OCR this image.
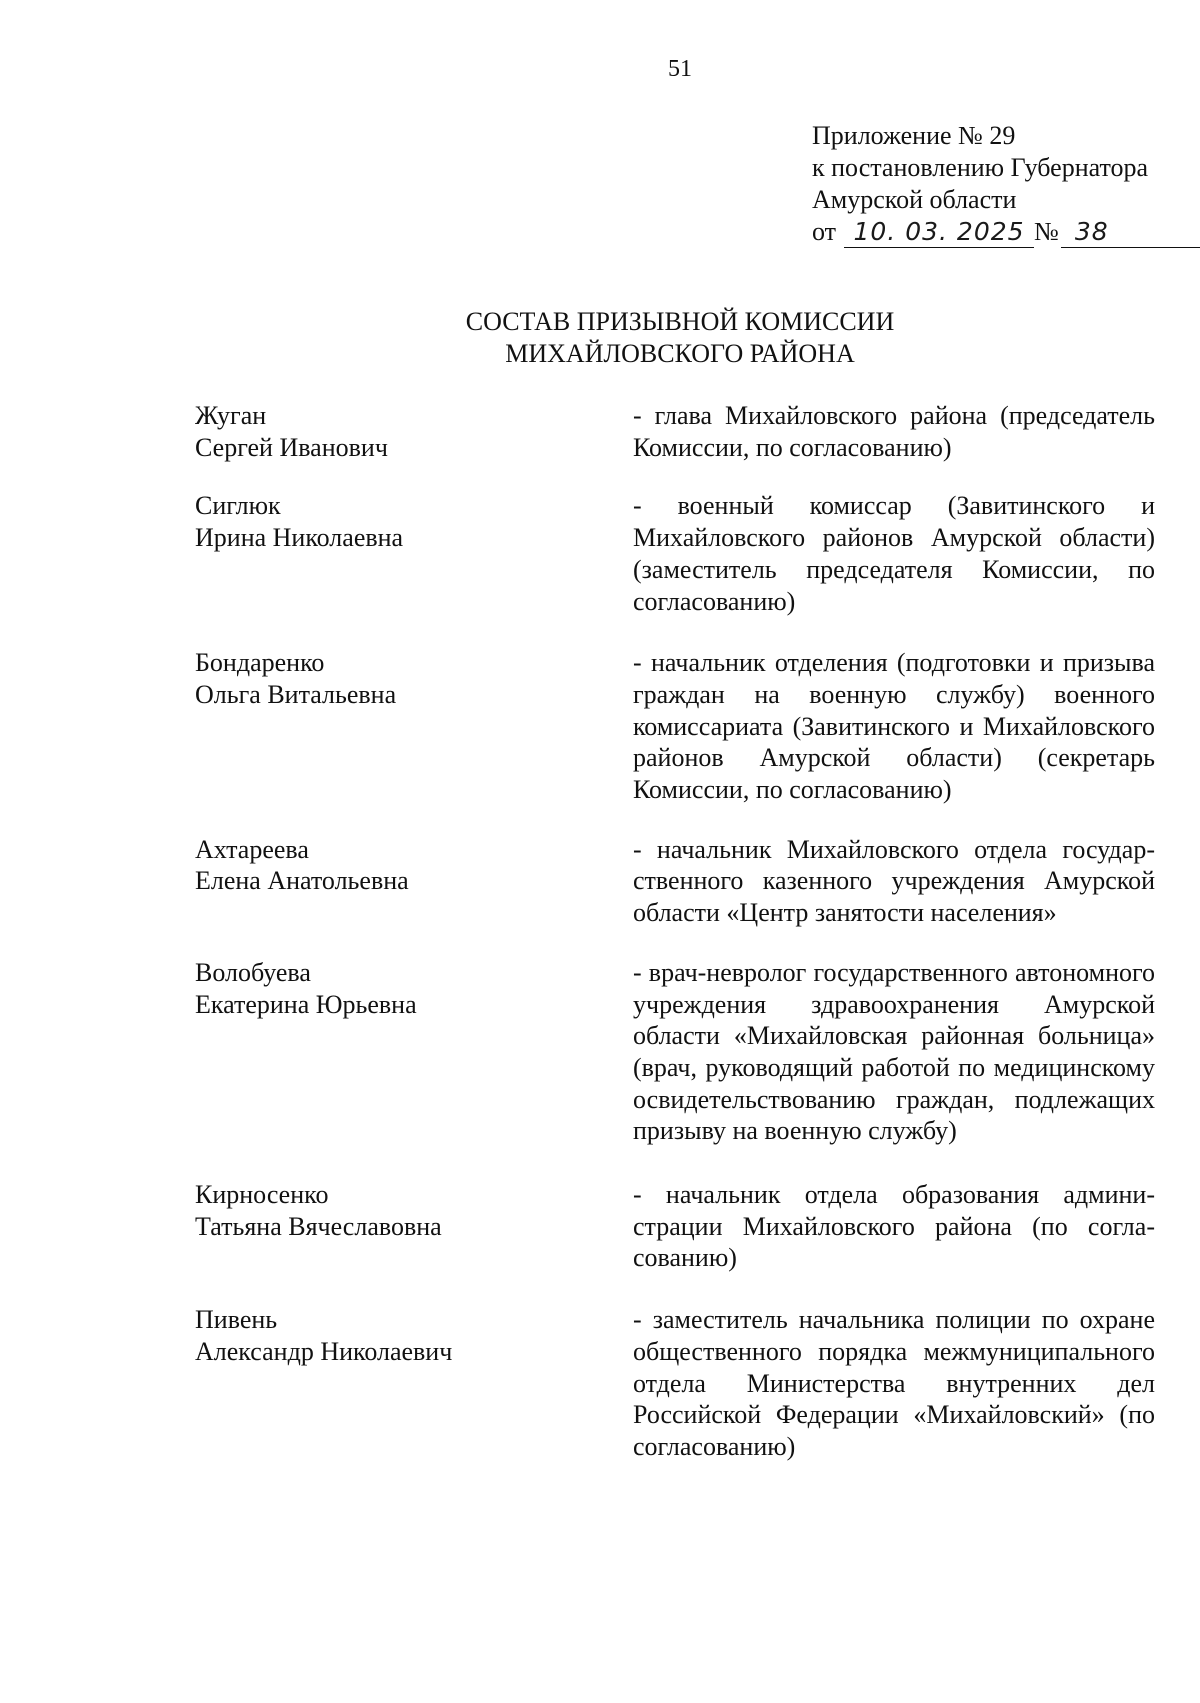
51
Приложение № 29
к постановлению Губернатора
Амурской области
от 10. 03. 2025 № 38
СОСТАВ ПРИЗЫВНОЙ КОМИССИИ
МИХАЙЛОВСКОГО РАЙОНА
Жуган
Сергей Иванович
- глава Михайловского района (председатель Комиссии, по согласованию)
Сиглюк
Ирина Николаевна
- военный комиссар (Завитинского и Михайловского районов Амурской области) (заместитель председателя Комиссии, по согласованию)
Бондаренко
Ольга Витальевна
- начальник отделения (подготовки и призыва граждан на военную службу) военного комиссариата (Завитинского и Михайловского районов Амурской области) (секретарь Комиссии, по согласованию)
Ахтареева
Елена Анатольевна
- начальник Михайловского отдела государственного казенного учреждения Амурской области «Центр занятости населения»
Волобуева
Екатерина Юрьевна
- врач-невролог государственного автономного учреждения здравоохранения Амурской области «Михайловская районная больница» (врач, руководящий работой по медицинскому освидетельствованию граждан, подлежащих призыву на военную службу)
Кирносенко
Татьяна Вячеславовна
- начальник отдела образования администрации Михайловского района (по согласованию)
Пивень
Александр Николаевич
- заместитель начальника полиции по охране общественного порядка межмуниципального отдела Министерства внутренних дел Российской Федерации «Михайловский» (по согласованию)
